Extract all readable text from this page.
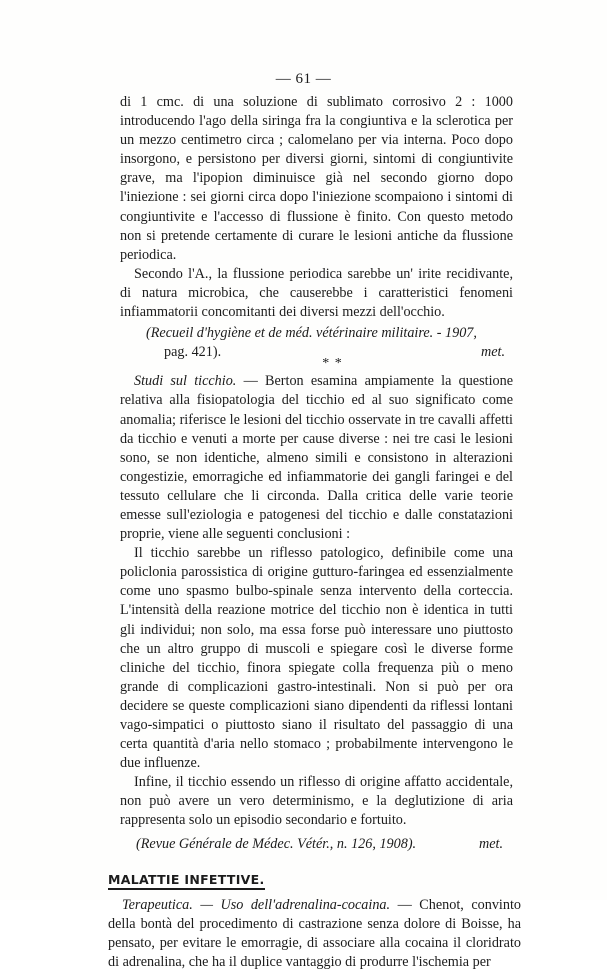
— 61 —

di 1 cmc. di una soluzione di sublimato corrosivo 2 : 1000 introducendo l'ago della siringa fra la congiuntiva e la sclerotica per un mezzo centimetro circa ; calomelano per via interna. Poco dopo insorgono, e persistono per diversi giorni, sintomi di congiuntivite grave, ma l'ipopion diminuisce già nel secondo giorno dopo l'iniezione : sei giorni circa dopo l'iniezione scompaiono i sintomi di congiuntivite e l'accesso di flussione è finito. Con questo metodo non si pretende certamente di curare le lesioni antiche da flussione periodica.

Secondo l'A., la flussione periodica sarebbe un' irite recidivante, di natura microbica, che causerebbe i caratteristici fenomeni infiammatorii concomitanti dei diversi mezzi dell'occhio.

(Recueil d'hygiène et de méd. vétérinaire militaire. - 1907,
pag. 421).	met.
* *

Studi sul ticchio. — Berton esamina ampiamente la questione relativa alla fisiopatologia del ticchio ed al suo significato come anomalia; riferisce le lesioni del ticchio osservate in tre cavalli affetti da ticchio e venuti a morte per cause diverse : nei tre casi le lesioni sono, se non identiche, almeno simili e consistono in alterazioni congestizie, emorragiche ed infiammatorie dei gangli faringei e del tessuto cellulare che li circonda. Dalla critica delle varie teorie emesse sull'eziologia e patogenesi del ticchio e dalle constatazioni proprie, viene alle seguenti conclusioni :

Il ticchio sarebbe un riflesso patologico, definibile come una policlonia parossistica di origine gutturo-faringea ed essenzialmente come uno spasmo bulbo-spinale senza intervento della corteccia. L'intensità della reazione motrice del ticchio non è identica in tutti gli individui; non solo, ma essa forse può interessare uno piuttosto che un altro gruppo di muscoli e spiegare così le diverse forme cliniche del ticchio, finora spiegate colla frequenza più o meno grande di complicazioni gastro-intestinali. Non si può per ora decidere se queste complicazioni siano dipendenti da riflessi lontani vago-simpatici o piuttosto siano il risultato del passaggio di una certa quantità d'aria nello stomaco ; probabilmente intervengono le due influenze.

Infine, il ticchio essendo un riflesso di origine affatto accidentale, non può avere un vero determinismo, e la deglutizione di aria rappresenta solo un episodio secondario e fortuito.

(Revue Générale de Médec. Vétér., n. 126, 1908).	met.
MALATTIE INFETTIVE.

Terapeutica. — Uso dell'adrenalina-cocaina. — Chenot, convinto della bontà del procedimento di castrazione senza dolore di Boisse, ha pensato, per evitare le emorragie, di associare alla cocaina il cloridrato di adrenalina, che ha il duplice vantaggio di produrre l'ischemia per
